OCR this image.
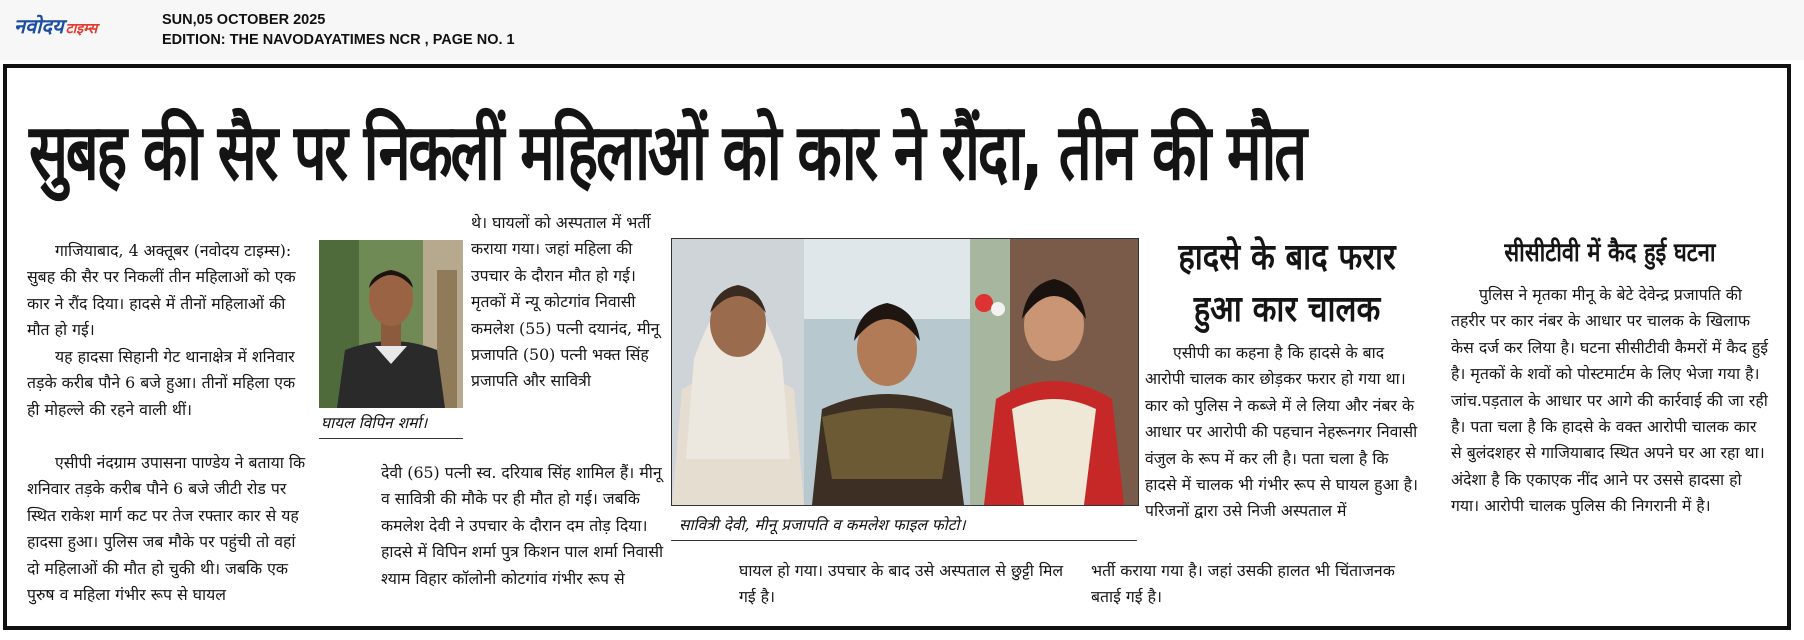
नवोदय टाइम्स
SUN,05 OCTOBER 2025
EDITION: THE NAVODAYATIMES NCR , PAGE NO. 1
सुबह की सैर पर निकलीं महिलाओं को कार ने रौंदा, तीन की मौत

गाजियाबाद, 4 अक्तूबर (नवोदय टाइम्स): सुबह की सैर पर निकलीं तीन महिलाओं को एक कार ने रौंद दिया। हादसे में तीनों महिलाओं की मौत हो गई।

यह हादसा सिहानी गेट थानाक्षेत्र में शनिवार तड़के करीब पौने 6 बजे हुआ। तीनों महिला एक ही मोहल्ले की रहने वाली थीं।

एसीपी नंदग्राम उपासना पाण्डेय ने बताया कि शनिवार तड़के करीब पौने 6 बजे जीटी रोड पर स्थित राकेश मार्ग कट पर तेज रफ्तार कार से यह हादसा हुआ। पुलिस जब मौके पर पहुंची तो वहां दो महिलाओं की मौत हो चुकी थी। जबकि एक पुरुष व महिला गंभीर रूप से घायल

घायल विपिन शर्मा।

थे। घायलों को अस्पताल में भर्ती कराया गया। जहां महिला की उपचार के दौरान मौत हो गई। मृतकों में न्यू कोटगांव निवासी कमलेश (55) पत्नी दयानंद, मीनू प्रजापति (50) पत्नी भक्त सिंह प्रजापति और सावित्री

देवी (65) पत्नी स्व. दरियाब सिंह शामिल हैं। मीनू व सावित्री की मौके पर ही मौत हो गई। जबकि कमलेश देवी ने उपचार के दौरान दम तोड़ दिया। हादसे में विपिन शर्मा पुत्र किशन पाल शर्मा निवासी श्याम विहार कॉलोनी कोटगांव गंभीर रूप से

सावित्री देवी, मीनू प्रजापति व कमलेश फाइल फोटो।

घायल हो गया। उपचार के बाद उसे अस्पताल से छुट्टी मिल गई है।

भर्ती कराया गया है। जहां उसकी हालत भी चिंताजनक बताई गई है।

हादसे के बाद फरार हुआ कार चालक

एसीपी का कहना है कि हादसे के बाद आरोपी चालक कार छोड़कर फरार हो गया था। कार को पुलिस ने कब्जे में ले लिया और नंबर के आधार पर आरोपी की पहचान नेहरूनगर निवासी वंजुल के रूप में कर ली है। पता चला है कि हादसे में चालक भी गंभीर रूप से घायल हुआ है। परिजनों द्वारा उसे निजी अस्पताल में

सीसीटीवी में कैद हुई घटना

पुलिस ने मृतका मीनू के बेटे देवेन्द्र प्रजापति की तहरीर पर कार नंबर के आधार पर चालक के खिलाफ केस दर्ज कर लिया है। घटना सीसीटीवी कैमरों में कैद हुई है। मृतकों के शवों को पोस्टमार्टम के लिए भेजा गया है। जांच.पड़ताल के आधार पर आगे की कार्रवाई की जा रही है। पता चला है कि हादसे के वक्त आरोपी चालक कार से बुलंदशहर से गाजियाबाद स्थित अपने घर आ रहा था। अंदेशा है कि एकाएक नींद आने पर उससे हादसा हो गया। आरोपी चालक पुलिस की निगरानी में है।
